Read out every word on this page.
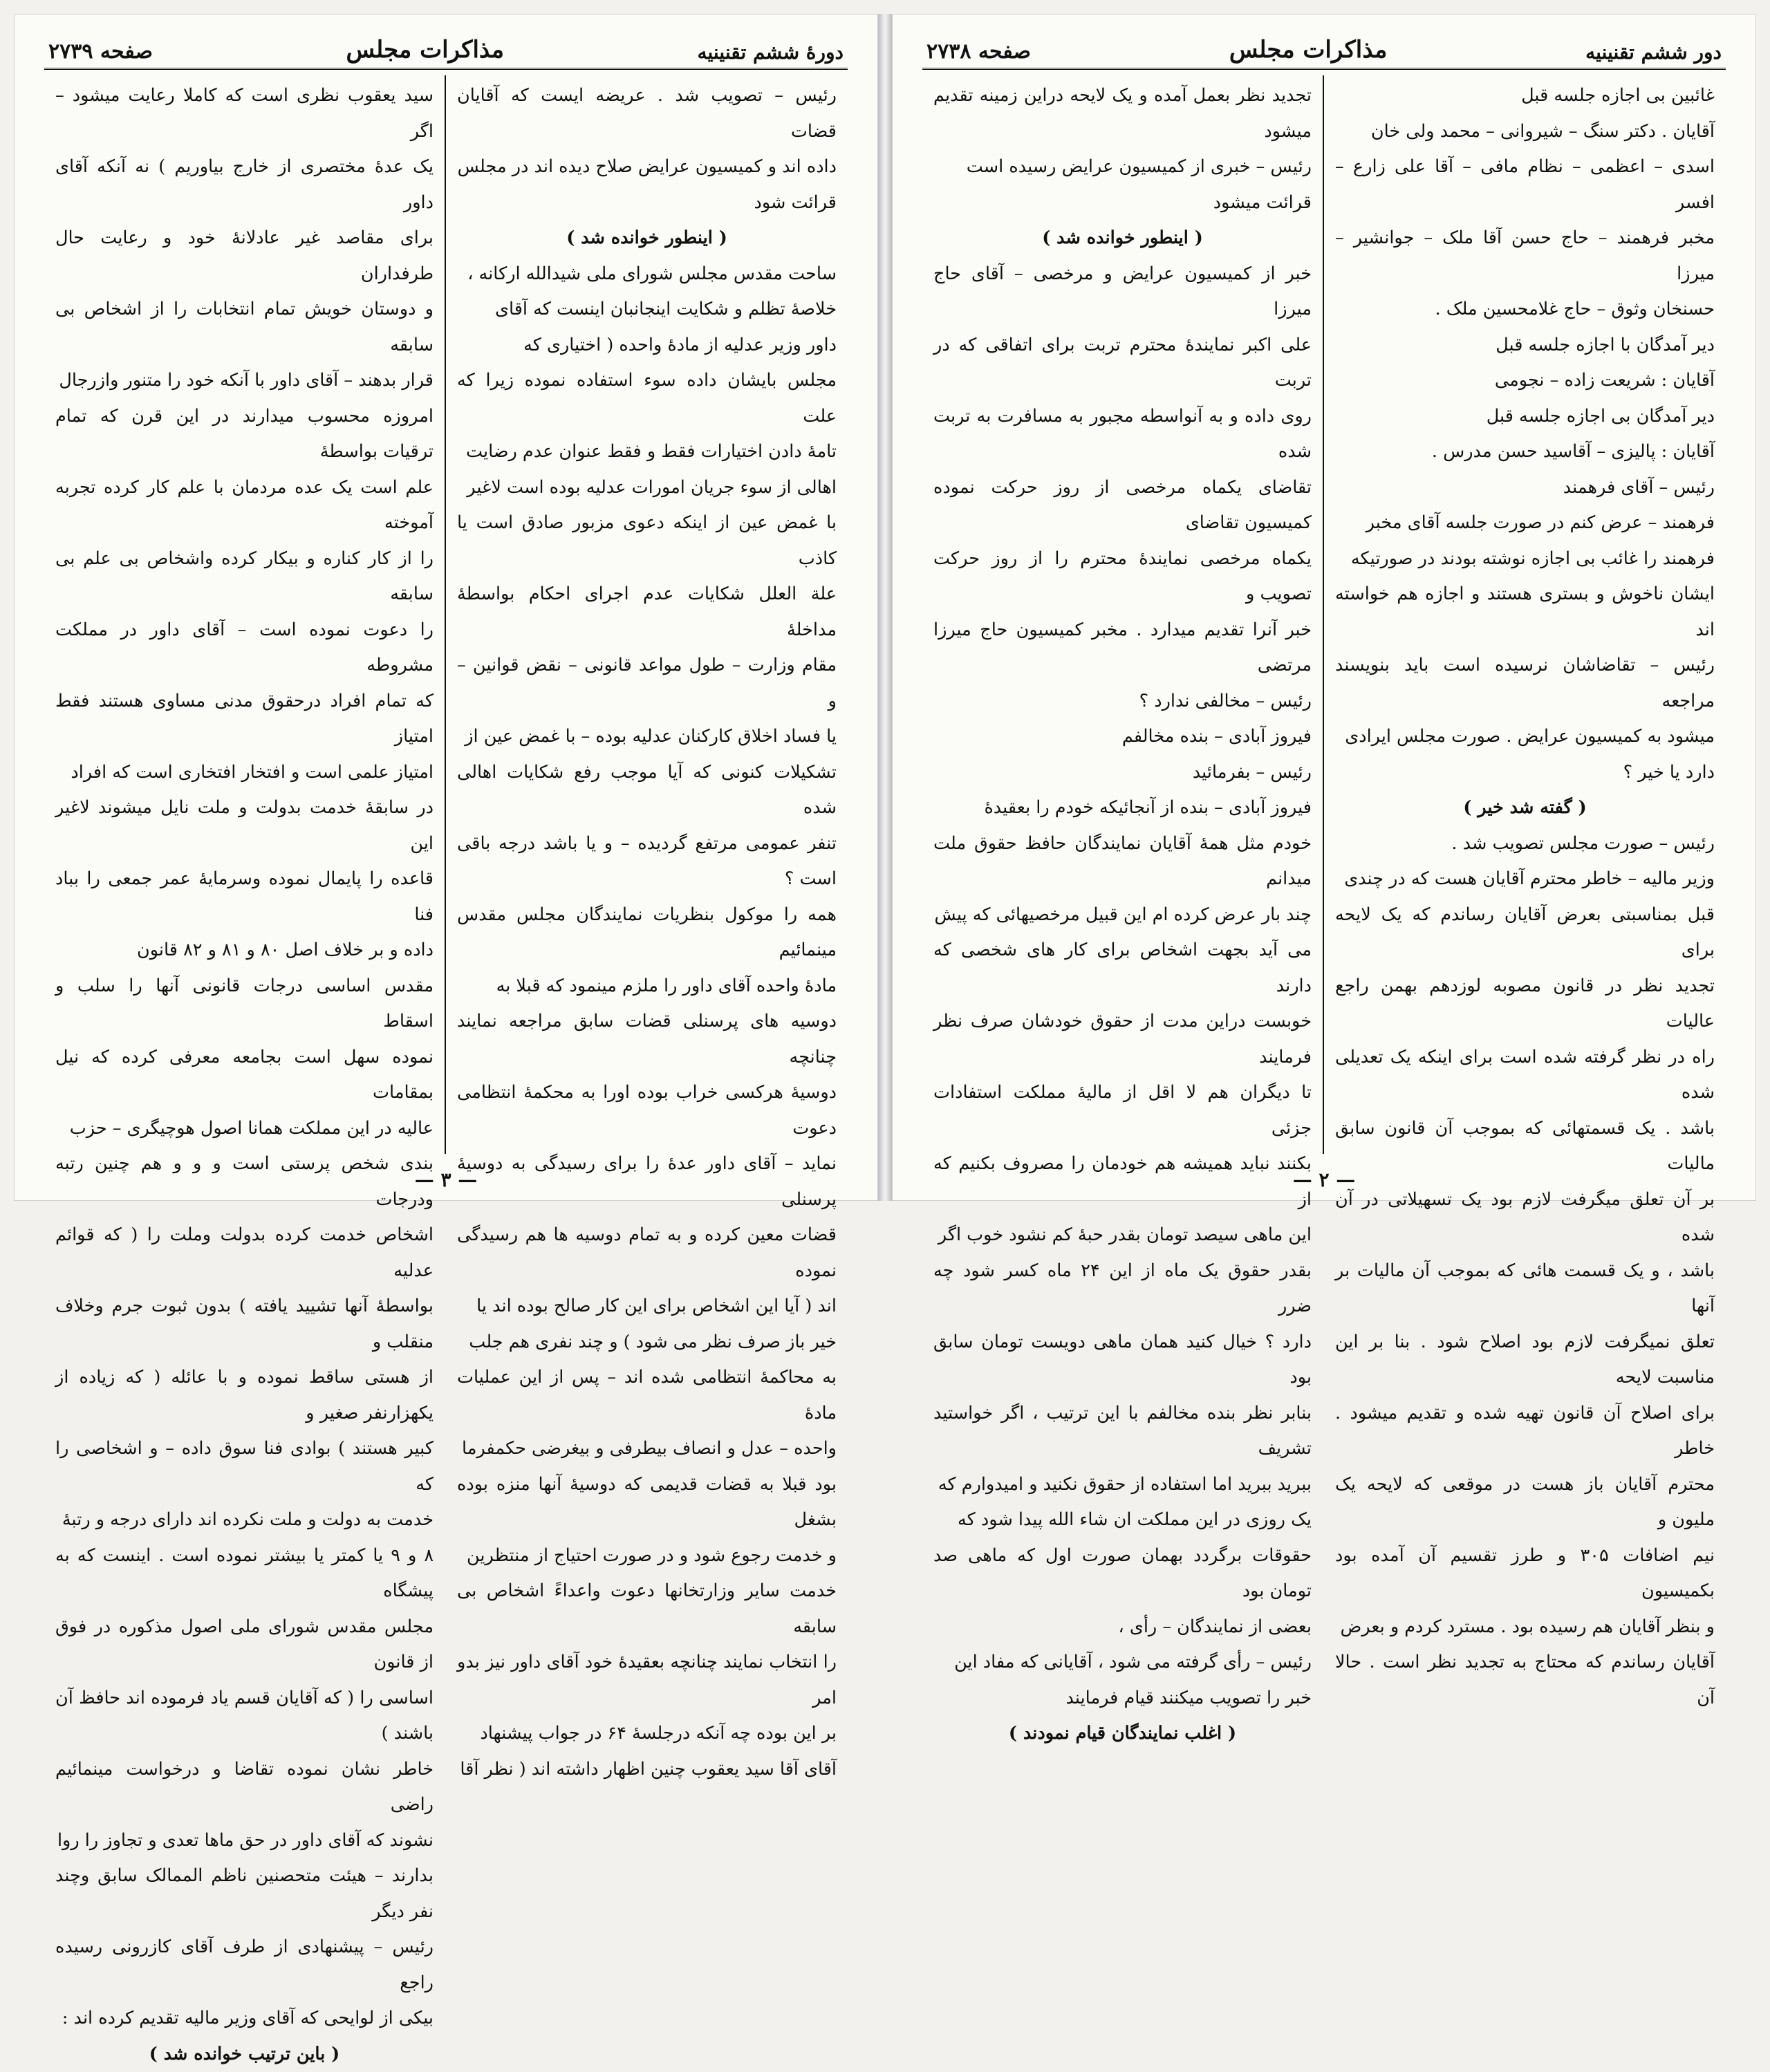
دورهٔ ششم تقنینیه
مذاکرات مجلس
صفحه ۲۷۳۹

رئیس – تصویب شد . عریضه ایست که آقایان قضات

داده اند و کمیسیون عرایض صلاح دیده اند در مجلس

قرائت شود

( اینطور خوانده شد )

ساحت مقدس مجلس شورای ملی شیدالله ارکانه ،

خلاصهٔ تظلم و شکایت اینجانبان اینست که آقای

داور وزیر عدلیه از مادهٔ واحده ( اختیاری که

مجلس بایشان داده سوء استفاده نموده زیرا که علت

تامهٔ دادن اختیارات فقط و فقط عنوان عدم رضایت

اهالی از سوء جریان امورات عدلیه بوده است لاغیر

با غمض عین از اینکه دعوی مزبور صادق است یا کاذب

علة العلل شکایات عدم اجرای احکام بواسطهٔ مداخلهٔ

مقام وزارت – طول مواعد قانونی – نقض قوانین – و

یا فساد اخلاق کارکنان عدلیه بوده – با غمض عین از

تشکیلات کنونی که آیا موجب رفع شکایات اهالی شده

تنفر عمومی مرتفع گردیده – و یا باشد درجه باقی است ؟

همه را موکول بنظریات نمایندگان مجلس مقدس مینمائیم

مادهٔ واحده آقای داور را ملزم مینمود که قبلا به

دوسیه های پرسنلی قضات سابق مراجعه نمایند چنانچه

دوسیهٔ هرکسی خراب بوده اورا به محکمهٔ انتظامی دعوت

نماید – آقای داور عدهٔ را برای رسیدگی به دوسیهٔ پرسنلی

قضات معین کرده و به تمام دوسیه ها هم رسیدگی نموده

اند ( آیا این اشخاص برای این کار صالح بوده اند یا

خیر باز صرف نظر می شود ) و چند نفری هم جلب

به محاکمهٔ انتظامی شده اند – پس از این عملیات مادهٔ

واحده – عدل و انصاف بیطرفی و بیغرضی حکمفرما

بود قبلا به قضات قدیمی که دوسیهٔ آنها منزه بوده بشغل

و خدمت رجوع شود و در صورت احتیاج از منتظرین

خدمت سایر وزارتخانها دعوت واعداءً اشخاص بی سابقه

را انتخاب نمایند چنانچه بعقیدهٔ خود آقای داور نیز بدو امر

بر این بوده چه آنکه درجلسهٔ ۶۴ در جواب پیشنهاد

آقای آقا سید یعقوب چنین اظهار داشته اند ( نظر آقا

سید یعقوب نظری است که کاملا رعایت میشود – اگر

یک عدهٔ مختصری از خارج بیاوریم ) نه آنکه آقای داور

برای مقاصد غیر عادلانهٔ خود و رعایت حال طرفداران

و دوستان خویش تمام انتخابات را از اشخاص بی سابقه

قرار بدهند – آقای داور با آنکه خود را متنور وازرجال

امروزه محسوب میدارند در این قرن که تمام ترقیات بواسطهٔ

علم است یک عده مردمان با علم کار کرده تجربه آموخته

را از کار کناره و بیکار کرده واشخاص بی علم بی سابقه

را دعوت نموده است – آقای داور در مملکت مشروطه

که تمام افراد درحقوق مدنی مساوی هستند فقط امتیاز

امتیاز علمی است و افتخار افتخاری است که افراد

در سابقهٔ خدمت بدولت و ملت نایل میشوند لاغیر این

قاعده را پایمال نموده وسرمایهٔ عمر جمعی را بباد فنا

داده و بر خلاف اصل ۸۰ و ۸۱ و ۸۲ قانون

مقدس اساسی درجات قانونی آنها را سلب و اسقاط

نموده سهل است بجامعه معرفی کرده که نیل بمقامات

عالیه در این مملکت همانا اصول هوچیگری – حزب

بندی شخص پرستی است و و و هم چنین رتبه ودرجات

اشخاص خدمت کرده بدولت وملت را ( که قوائم عدلیه

بواسطهٔ آنها تشیید یافته ) بدون ثبوت جرم وخلاف منقلب و

از هستی ساقط نموده و با عائله ( که زیاده از یکهزارنفر صغیر و

کبیر هستند ) بوادی فنا سوق داده – و اشخاصی را که

خدمت به دولت و ملت نکرده اند دارای درجه و رتبهٔ

۸ و ۹ یا کمتر یا بیشتر نموده است . اینست که به پیشگاه

مجلس مقدس شورای ملی اصول مذکوره در فوق از قانون

اساسی را ( که آقایان قسم یاد فرموده اند حافظ آن باشند )

خاطر نشان نموده تقاضا و درخواست مینمائیم راضی

نشوند که آقای داور در حق ماها تعدی و تجاوز را روا

بدارند – هیئت متحصنین ناظم الممالک سابق وچند نفر دیگر

رئیس – پیشنهادی از طرف آقای کازرونی رسیده راجع

بیکی از لوایحی که آقای وزیر مالیه تقدیم کرده اند :

( باین ترتیب خوانده شد )

— ۳ —
دور ششم تقنینیه
مذاکرات مجلس
صفحه ۲۷۳۸

غائبین بی اجازه جلسه قبل

آقایان . دکتر سنگ – شیروانی – محمد ولی خان

اسدی – اعظمی – نظام مافی – آقا علی زارع – افسر

مخبر فرهمند – حاج حسن آقا ملک – جوانشیر – میرزا

حسنخان وثوق – حاج غلامحسین ملک .

دیر آمدگان با اجازه جلسه قبل

آقایان : شریعت زاده – نجومی

دیر آمدگان بی اجازه جلسه قبل

آقایان : پالیزی – آقاسید حسن مدرس .

رئیس – آقای فرهمند

فرهمند – عرض کنم در صورت جلسه آقای مخبر

فرهمند را غائب بی اجازه نوشته بودند در صورتیکه

ایشان ناخوش و بستری هستند و اجازه هم خواسته اند

رئیس – تقاضاشان نرسیده است باید بنویسند مراجعه

میشود به کمیسیون عرایض . صورت مجلس ایرادی

دارد یا خیر ؟

( گفته شد خیر )

رئیس – صورت مجلس تصویب شد .

وزیر مالیه – خاطر محترم آقایان هست که در چندی

قبل بمناسبتی بعرض آقایان رساندم که یک لایحه برای

تجدید نظر در قانون مصوبه لوزدهم بهمن راجع عالیات

راه در نظر گرفته شده است برای اینکه یک تعدیلی شده

باشد . یک قسمتهائی که بموجب آن قانون سابق مالیات

بر آن تعلق میگرفت لازم بود یک تسهیلاتی در آن شده

باشد ، و یک قسمت هائی که بموجب آن مالیات بر آنها

تعلق نمیگرفت لازم بود اصلاح شود . بنا بر این مناسبت لایحه

برای اصلاح آن قانون تهیه شده و تقدیم میشود . خاطر

محترم آقایان باز هست در موقعی که لایحه یک ملیون و

نیم اضافات ۳۰۵ و طرز تقسیم آن آمده بود بکمیسیون

و بنظر آقایان هم رسیده بود . مسترد کردم و بعرض

آقایان رساندم که محتاج به تجدید نظر است . حالا آن

تجدید نظر بعمل آمده و یک لایحه دراین زمینه تقدیم میشود

رئیس – خبری از کمیسیون عرایض رسیده است

قرائت میشود

( اینطور خوانده شد )

خبر از کمیسیون عرایض و مرخصی – آقای حاج میرزا

علی اکبر نمایندهٔ محترم تربت برای اتفاقی که در تربت

روی داده و به آنواسطه مجبور به مسافرت به تربت شده

تقاضای یکماه مرخصی از روز حرکت نموده کمیسیون تقاضای

یکماه مرخصی نمایندهٔ محترم را از روز حرکت تصویب و

خبر آنرا تقدیم میدارد . مخبر کمیسیون حاج میرزا مرتضی

رئیس – مخالفی ندارد ؟

فیروز آبادی – بنده مخالفم

رئیس – بفرمائید

فیروز آبادی – بنده از آنجائیکه خودم را بعقیدهٔ

خودم مثل همهٔ آقایان نمایندگان حافظ حقوق ملت میدانم

چند بار عرض کرده ام این قبیل مرخصیهائی که پیش

می آید بجهت اشخاص برای کار های شخصی که دارند

خوبست دراین مدت از حقوق خودشان صرف نظر فرمایند

تا دیگران هم لا اقل از مالیهٔ مملکت استفادات جزئی

بکنند نباید همیشه هم خودمان را مصروف بکنیم که از

این ماهی سیصد تومان بقدر حبهٔ کم نشود خوب اگر

بقدر حقوق یک ماه از این ۲۴ ماه کسر شود چه ضرر

دارد ؟ خیال کنید همان ماهی دویست تومان سابق بود

بنابر نظر بنده مخالفم با این ترتیب ، اگر خواستید تشریف

ببرید ببرید اما استفاده از حقوق نکنید و امیدوارم که

یک روزی در این مملکت ان شاء الله پیدا شود که

حقوقات برگردد بهمان صورت اول که ماهی صد تومان بود

بعضی از نمایندگان – رأی ،

رئیس – رأی گرفته می شود ، آقایانی که مفاد این

خبر را تصویب میکنند قیام فرمایند

( اغلب نمایندگان قیام نمودند )

— ۲ —
